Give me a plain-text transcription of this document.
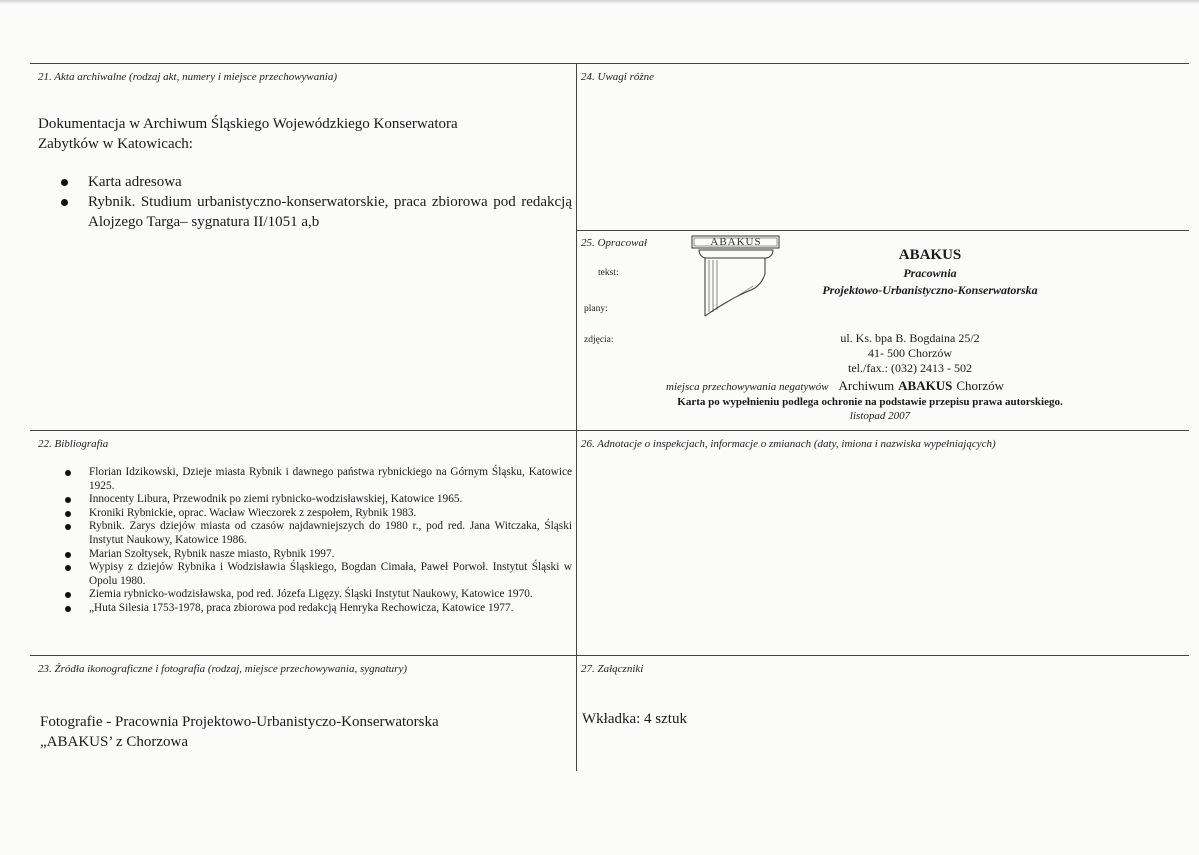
21. Akta archiwalne (rodzaj akt, numery i miejsce przechowywania)
Dokumentacja w Archiwum Śląskiego Wojewódzkiego Konserwatora Zabytków w Katowicach:
Karta adresowa
Rybnik. Studium urbanistyczno-konserwatorskie, praca zbiorowa pod redakcją Alojzego Targa– sygnatura II/1051 a,b
24. Uwagi różne
25. Opracował
tekst:
plany:
zdjęcia:
ABAKUS
ABAKUS
Pracownia
Projektowo-Urbanistyczno-Konserwatorska
ul. Ks. bpa B. Bogdaina 25/2
41- 500 Chorzów
tel./fax.: (032) 2413 - 502
miejsca przechowywania negatywów Archiwum ABAKUS Chorzów
Karta po wypełnieniu podlega ochronie na podstawie przepisu prawa autorskiego.
listopad 2007
22. Bibliografia
Florian Idzikowski, Dzieje miasta Rybnik i dawnego państwa rybnickiego na Górnym Śląsku, Katowice 1925.
Innocenty Libura, Przewodnik po ziemi rybnicko-wodzisławskiej, Katowice 1965.
Kroniki Rybnickie, oprac. Wacław Wieczorek z zespołem, Rybnik 1983.
Rybnik. Zarys dziejów miasta od czasów najdawniejszych do 1980 r., pod red. Jana Witczaka, Śląski Instytut Naukowy, Katowice 1986.
Marian Szołtysek, Rybnik nasze miasto, Rybnik 1997.
Wypisy z dziejów Rybnika i Wodzisławia Śląskiego, Bogdan Cimała, Paweł Porwoł. Instytut Śląski w Opolu 1980.
Ziemia rybnicko-wodzisławska, pod red. Józefa Ligęzy. Śląski Instytut Naukowy, Katowice 1970.
„Huta Silesia 1753-1978, praca zbiorowa pod redakcją Henryka Rechowicza, Katowice 1977.
26. Adnotacje o inspekcjach, informacje o zmianach (daty, imiona i nazwiska wypełniających)
23. Źródła ikonograficzne i fotografia (rodzaj, miejsce przechowywania, sygnatury)
Fotografie - Pracownia Projektowo-Urbanistyczo-Konserwatorska
„ABAKUS’ z Chorzowa
27. Załączniki
Wkładka: 4 sztuk
